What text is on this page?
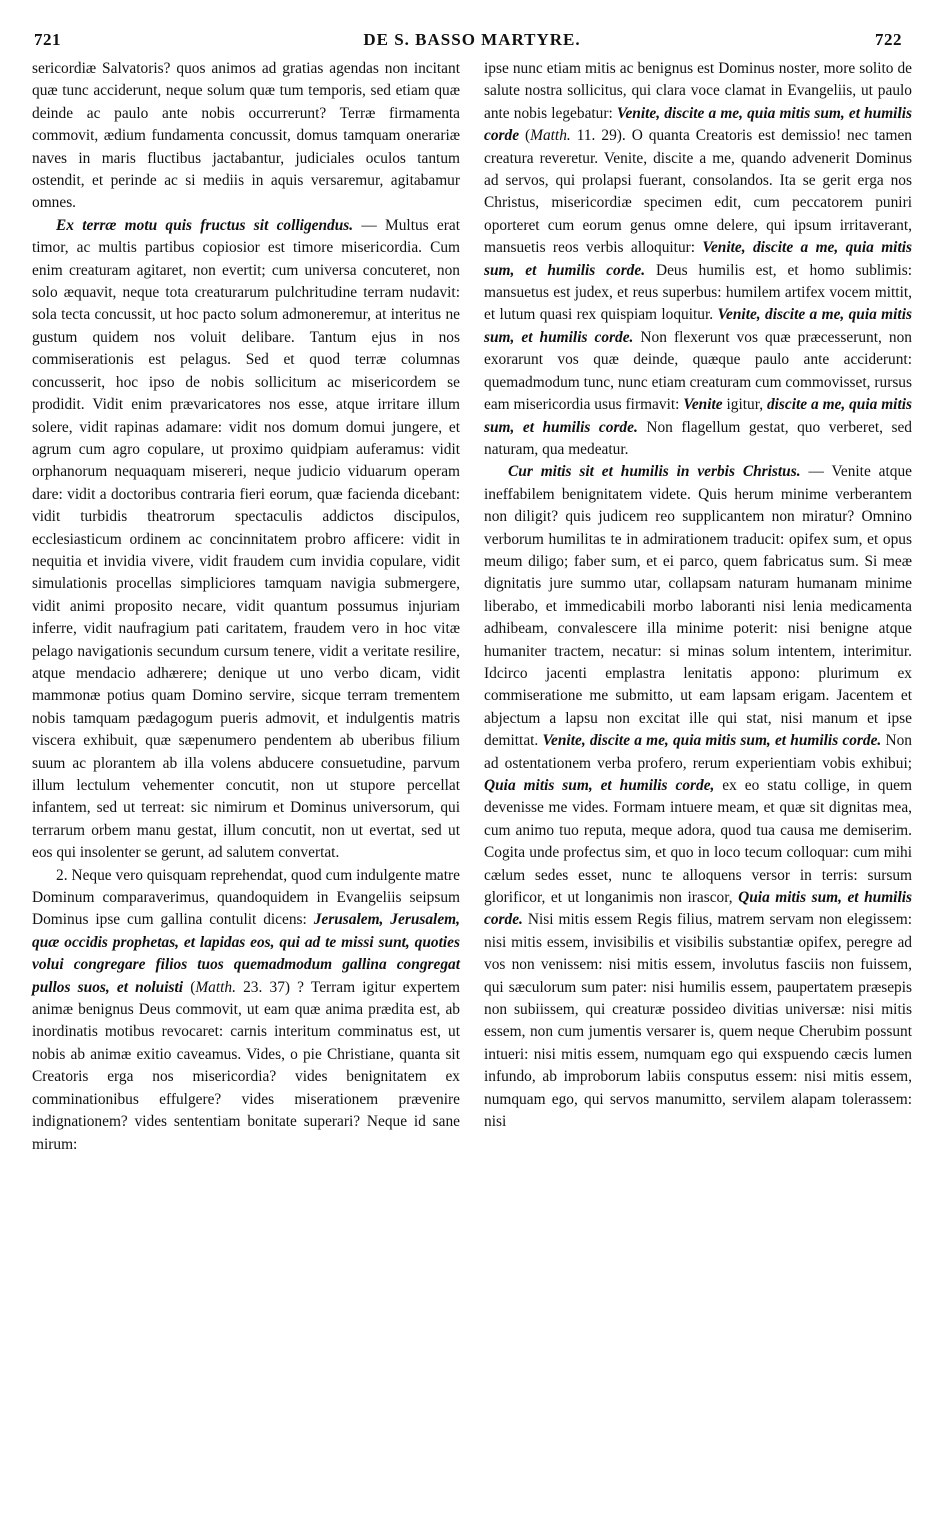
721	DE S. BASSO MARTYRE.	722

sericordiæ Salvatoris? quos animos ad gratias agendas non incitant quæ tunc acciderunt, neque solum quæ tum temporis, sed etiam quæ deinde ac paulo ante nobis occurrerunt? Terræ firmamenta commovit, ædium fundamenta concussit, domus tamquam onerariæ naves in maris fluctibus jactabantur, judiciales oculos tantum ostendit, et perinde ac si mediis in aquis versaremur, agitabamur omnes.

Ex terræ motu quis fructus sit colligendus. — Multus erat timor, ac multis partibus copiosior est timore misericordia. Cum enim creaturam agitaret, non evertit; cum universa concuteret, non solo æquavit, neque tota creaturarum pulchritudine terram nudavit: sola tecta concussit, ut hoc pacto solum admoneremur, at interitus ne gustum quidem nos voluit delibare. Tantum ejus in nos commiserationis est pelagus. Sed et quod terræ columnas concusserit, hoc ipso de nobis sollicitum ac misericordem se prodidit. Vidit enim prævaricatores nos esse, atque irritare illum solere, vidit rapinas adamare: vidit nos domum domui jungere, et agrum cum agro copulare, ut proximo quidpiam auferamus: vidit orphanorum nequaquam misereri, neque judicio viduarum operam dare: vidit a doctoribus contraria fieri eorum, quæ facienda dicebant: vidit turbidis theatrorum spectaculis addictos discipulos, ecclesiasticum ordinem ac concinnitatem probro afficere: vidit in nequitia et invidia vivere, vidit fraudem cum invidia copulare, vidit simulationis procellas simpliciores tamquam navigia submergere, vidit animi proposito necare, vidit quantum possumus injuriam inferre, vidit naufragium pati caritatem, fraudem vero in hoc vitæ pelago navigationis secundum cursum tenere, vidit a veritate resilire, atque mendacio adhærere; denique ut uno verbo dicam, vidit mammonæ potius quam Domino servire, sicque terram trementem nobis tamquam pædagogum pueris admovit, et indulgentis matris viscera exhibuit, quæ sæpenumero pendentem ab uberibus filium suum ac plorantem ab illa volens abducere consuetudine, parvum illum lectulum vehementer concutit, non ut stupore percellat infantem, sed ut terreat: sic nimirum et Dominus universorum, qui terrarum orbem manu gestat, illum concutit, non ut evertat, sed ut eos qui insolenter se gerunt, ad salutem convertat.

2. Neque vero quisquam reprehendat, quod cum indulgente matre Dominum comparaverimus, quandoquidem in Evangeliis seipsum Dominus ipse cum gallina contulit dicens: Jerusalem, Jerusalem, quæ occidis prophetas, et lapidas eos, qui ad te missi sunt, quoties volui congregare filios tuos quemadmodum gallina congregat pullos suos, et noluisti (Matth. 23. 37) ? Terram igitur expertem animæ benignus Deus commovit, ut eam quæ anima prædita est, ab inordinatis motibus revocaret: carnis interitum comminatus est, ut nobis ab animæ exitio caveamus. Vides, o pie Christiane, quanta sit Creatoris erga nos misericordia? vides benignitatem ex comminationibus effulgere? vides miserationem prævenire indignationem? vides sententiam bonitate superari? Neque id sane mirum:

ipse nunc etiam mitis ac benignus est Dominus noster, more solito de salute nostra sollicitus, qui clara voce clamat in Evangeliis, ut paulo ante nobis legebatur: Venite, discite a me, quia mitis sum, et humilis corde (Matth. 11. 29). O quanta Creatoris est demissio! nec tamen creatura reveretur. Venite, discite a me, quando advenerit Dominus ad servos, qui prolapsi fuerant, consolandos. Ita se gerit erga nos Christus, misericordiæ specimen edit, cum peccatorem puniri oporteret cum eorum genus omne delere, qui ipsum irritaverant, mansuetis reos verbis alloquitur: Venite, discite a me, quia mitis sum, et humilis corde. Deus humilis est, et homo sublimis: mansuetus est judex, et reus superbus: humilem artifex vocem mittit, et lutum quasi rex quispiam loquitur. Venite, discite a me, quia mitis sum, et humilis corde. Non flexerunt vos quæ præcesserunt, non exorarunt vos quæ deinde, quæque paulo ante acciderunt: quemadmodum tunc, nunc etiam creaturam cum commovisset, rursus eam misericordia usus firmavit: Venite igitur, discite a me, quia mitis sum, et humilis corde. Non flagellum gestat, quo verberet, sed naturam, qua medeatur.

Cur mitis sit et humilis in verbis Christus. — Venite atque ineffabilem benignitatem videte. Quis herum minime verberantem non diligit? quis judicem reo supplicantem non miratur? Omnino verborum humilitas te in admirationem traducit: opifex sum, et opus meum diligo; faber sum, et ei parco, quem fabricatus sum. Si meæ dignitatis jure summo utar, collapsam naturam humanam minime liberabo, et immedicabili morbo laboranti nisi lenia medicamenta adhibeam, convalescere illa minime poterit: nisi benigne atque humaniter tractem, necatur: si minas solum intentem, interimitur. Idcirco jacenti emplastra lenitatis appono: plurimum ex commiseratione me submitto, ut eam lapsam erigam. Jacentem et abjectum a lapsu non excitat ille qui stat, nisi manum et ipse demittat. Venite, discite a me, quia mitis sum, et humilis corde. Non ad ostentationem verba profero, rerum experientiam vobis exhibui; Quia mitis sum, et humilis corde, ex eo statu collige, in quem devenisse me vides. Formam intuere meam, et quæ sit dignitas mea, cum animo tuo reputa, meque adora, quod tua causa me demiserim. Cogita unde profectus sim, et quo in loco tecum colloquar: cum mihi cælum sedes esset, nunc te alloquens versor in terris: sursum glorificor, et ut longanimis non irascor, Quia mitis sum, et humilis corde. Nisi mitis essem Regis filius, matrem servam non elegissem: nisi mitis essem, invisibilis et visibilis substantiæ opifex, peregre ad vos non venissem: nisi mitis essem, involutus fasciis non fuissem, qui sæculorum sum pater: nisi humilis essem, paupertatem præsepis non subiissem, qui creaturæ possideo divitias universæ: nisi mitis essem, non cum jumentis versarer is, quem neque Cherubim possunt intueri: nisi mitis essem, numquam ego qui exspuendo cæcis lumen infundo, ab improborum labiis consputus essem: nisi mitis essem, numquam ego, qui servos manumitto, servilem alapam tolerassem: nisi
